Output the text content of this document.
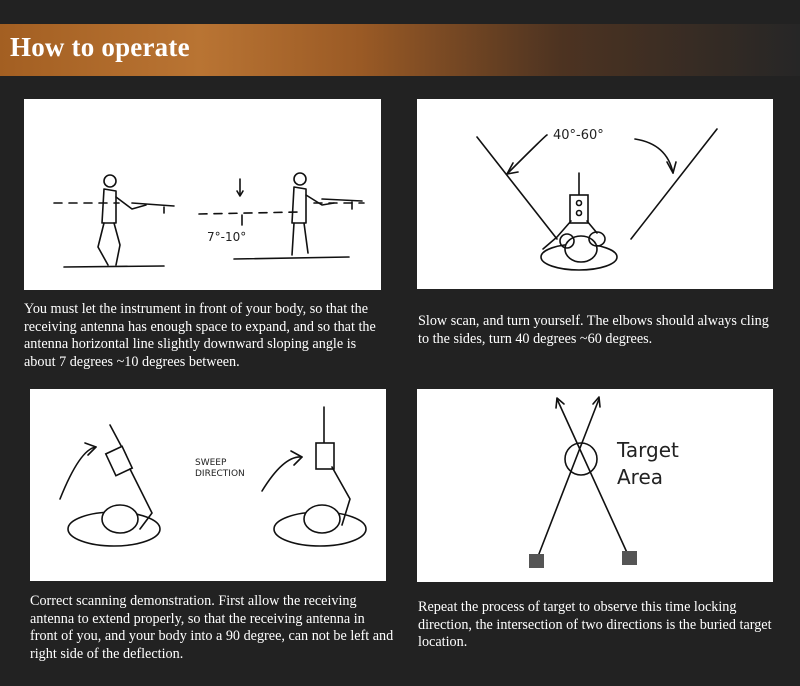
How to operate
7°-10°
You must let the instrument in front of your body, so that the receiving antenna has enough space to expand, and so that the antenna horizontal line slightly downward sloping angle is about 7 degrees ~10 degrees between.
40°-60°
Slow scan, and turn yourself. The elbows should always cling to the sides, turn 40 degrees ~60 degrees.
SWEEP DIRECTION
Correct scanning demonstration. First allow the receiving antenna to extend properly, so that the receiving antenna in front of you, and your body into a 90 degree, can not be left and right side of the deflection.
Target Area
Repeat the process of target to observe this time locking direction, the intersection of two directions is the buried target location.
